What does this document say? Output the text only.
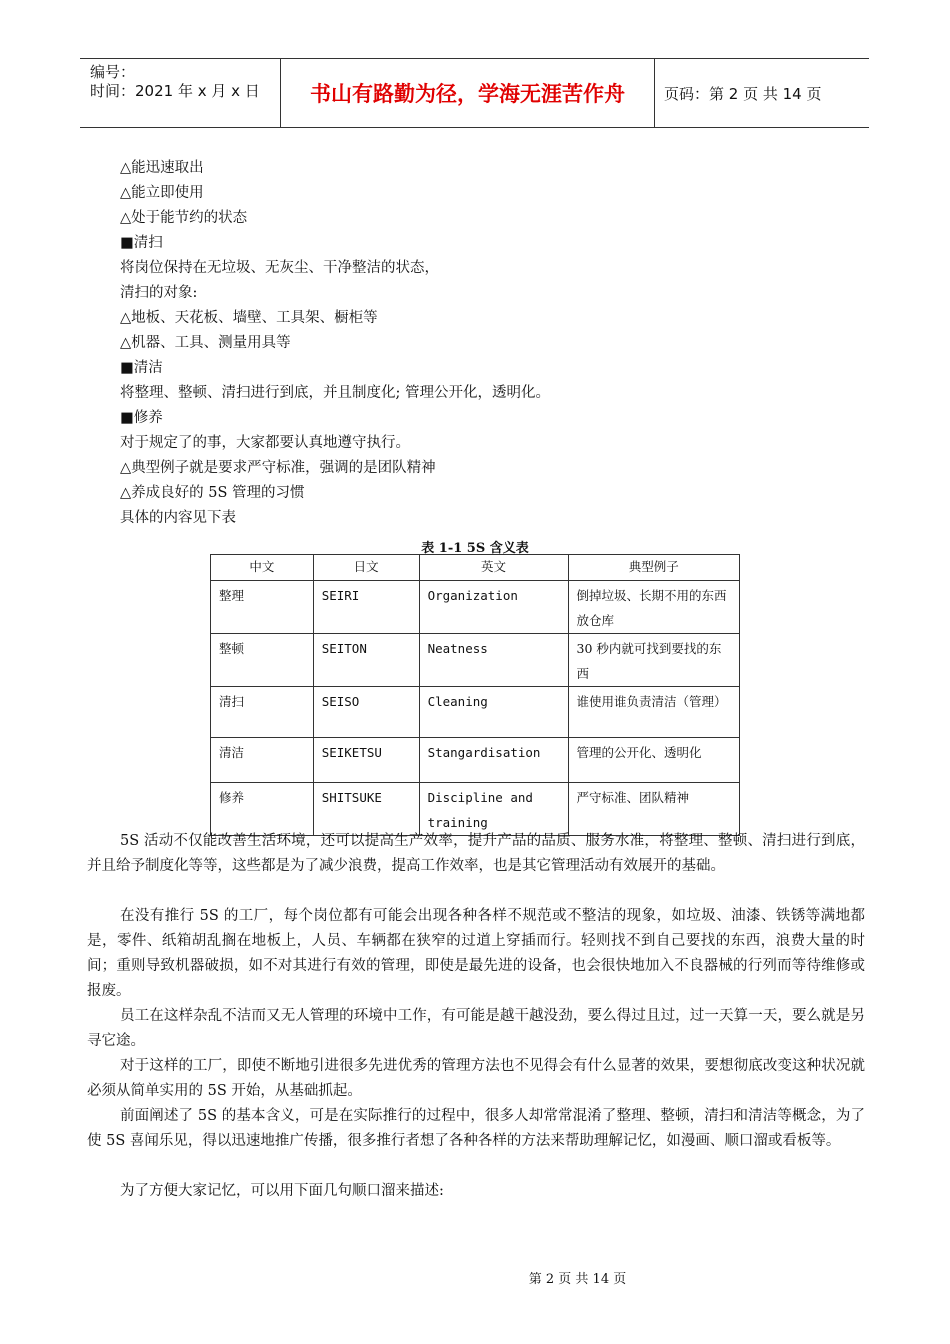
编号：
时间：2021 年 x 月 x 日 书山有路勤为径，学海无涯苦作舟	页码：第 2 页 共 14 页
△能迅速取出
△能立即使用
△处于能节约的状态
■清扫
将岗位保持在无垃圾、无灰尘、干净整洁的状态，
清扫的对象:
△地板、天花板、墙壁、工具架、橱柜等
△机器、工具、测量用具等
■清洁
将整理、整顿、清扫进行到底，并且制度化; 管理公开化，透明化。
■修养
对于规定了的事，大家都要认真地遵守执行。
△典型例子就是要求严守标准，强调的是团队精神
△养成良好的 5S 管理的习惯
具体的内容见下表
表 1-1 5S 含义表
中文	日文	英文	典型例子
整理	SEIRI	Organization	倒掉垃圾、长期不用的东西放仓库
整顿	SEITON	Neatness	30 秒内就可找到要找的东西
清扫	SEISO	Cleaning	谁使用谁负责清洁（管理）
清洁	SEIKETSU	Stangardisation	管理的公开化、透明化
修养	SHITSUKE	Discipline and training	严守标准、团队精神

5S 活动不仅能改善生活环境，还可以提高生产效率，提升产品的品质、服务水准，将整理、整顿、清扫进行到底，并且给予制度化等等，这些都是为了减少浪费，提高工作效率，也是其它管理活动有效展开的基础。

在没有推行 5S 的工厂，每个岗位都有可能会出现各种各样不规范或不整洁的现象，如垃圾、油漆、铁锈等满地都是，零件、纸箱胡乱搁在地板上，人员、车辆都在狭窄的过道上穿插而行。轻则找不到自己要找的东西，浪费大量的时间；重则导致机器破损，如不对其进行有效的管理，即使是最先进的设备，也会很快地加入不良器械的行列而等待维修或报废。

员工在这样杂乱不洁而又无人管理的环境中工作，有可能是越干越没劲，要么得过且过，过一天算一天，要么就是另寻它途。

对于这样的工厂，即使不断地引进很多先进优秀的管理方法也不见得会有什么显著的效果，要想彻底改变这种状况就必须从简单实用的 5S 开始，从基础抓起。

前面阐述了 5S 的基本含义，可是在实际推行的过程中，很多人却常常混淆了整理、整顿，清扫和清洁等概念，为了使 5S 喜闻乐见，得以迅速地推广传播，很多推行者想了各种各样的方法来帮助理解记忆，如漫画、顺口溜或看板等。

为了方便大家记忆，可以用下面几句顺口溜来描述:

第 2 页 共 14 页
